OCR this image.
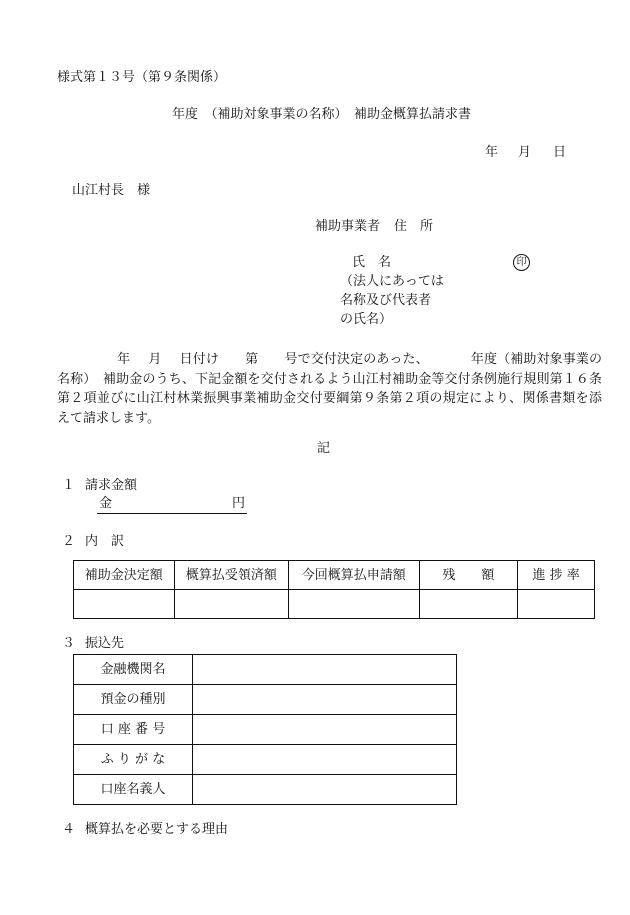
様式第１３号（第９条関係）
年度　（補助対象事業の名称）　補助金概算払請求書
年 月 日
山江村長　様
補助事業者 住　所
氏　名	印
（法人にあっては
名称及び代表者
の氏名）
年 月 日付け 第 号で交付決定のあった、	年度（補助対象事業の名称）　補助金のうち、下記金額を交付されるよう山江村補助金等交付条例施行規則第１６条第２項並びに山江村林業振興事業補助金交付要綱第９条第２項の規定により、関係書類を添えて請求します。
記
１ 請求金額
金	円
２ 内　訳
補助金決定額	概算払受領済額	今回概算払申請額	残　　額	進 捗 率

３ 振込先
金融機関名	
預金の種別	
口 座 番 号	
ふ り が な	
口座名義人	
４ 概算払を必要とする理由
